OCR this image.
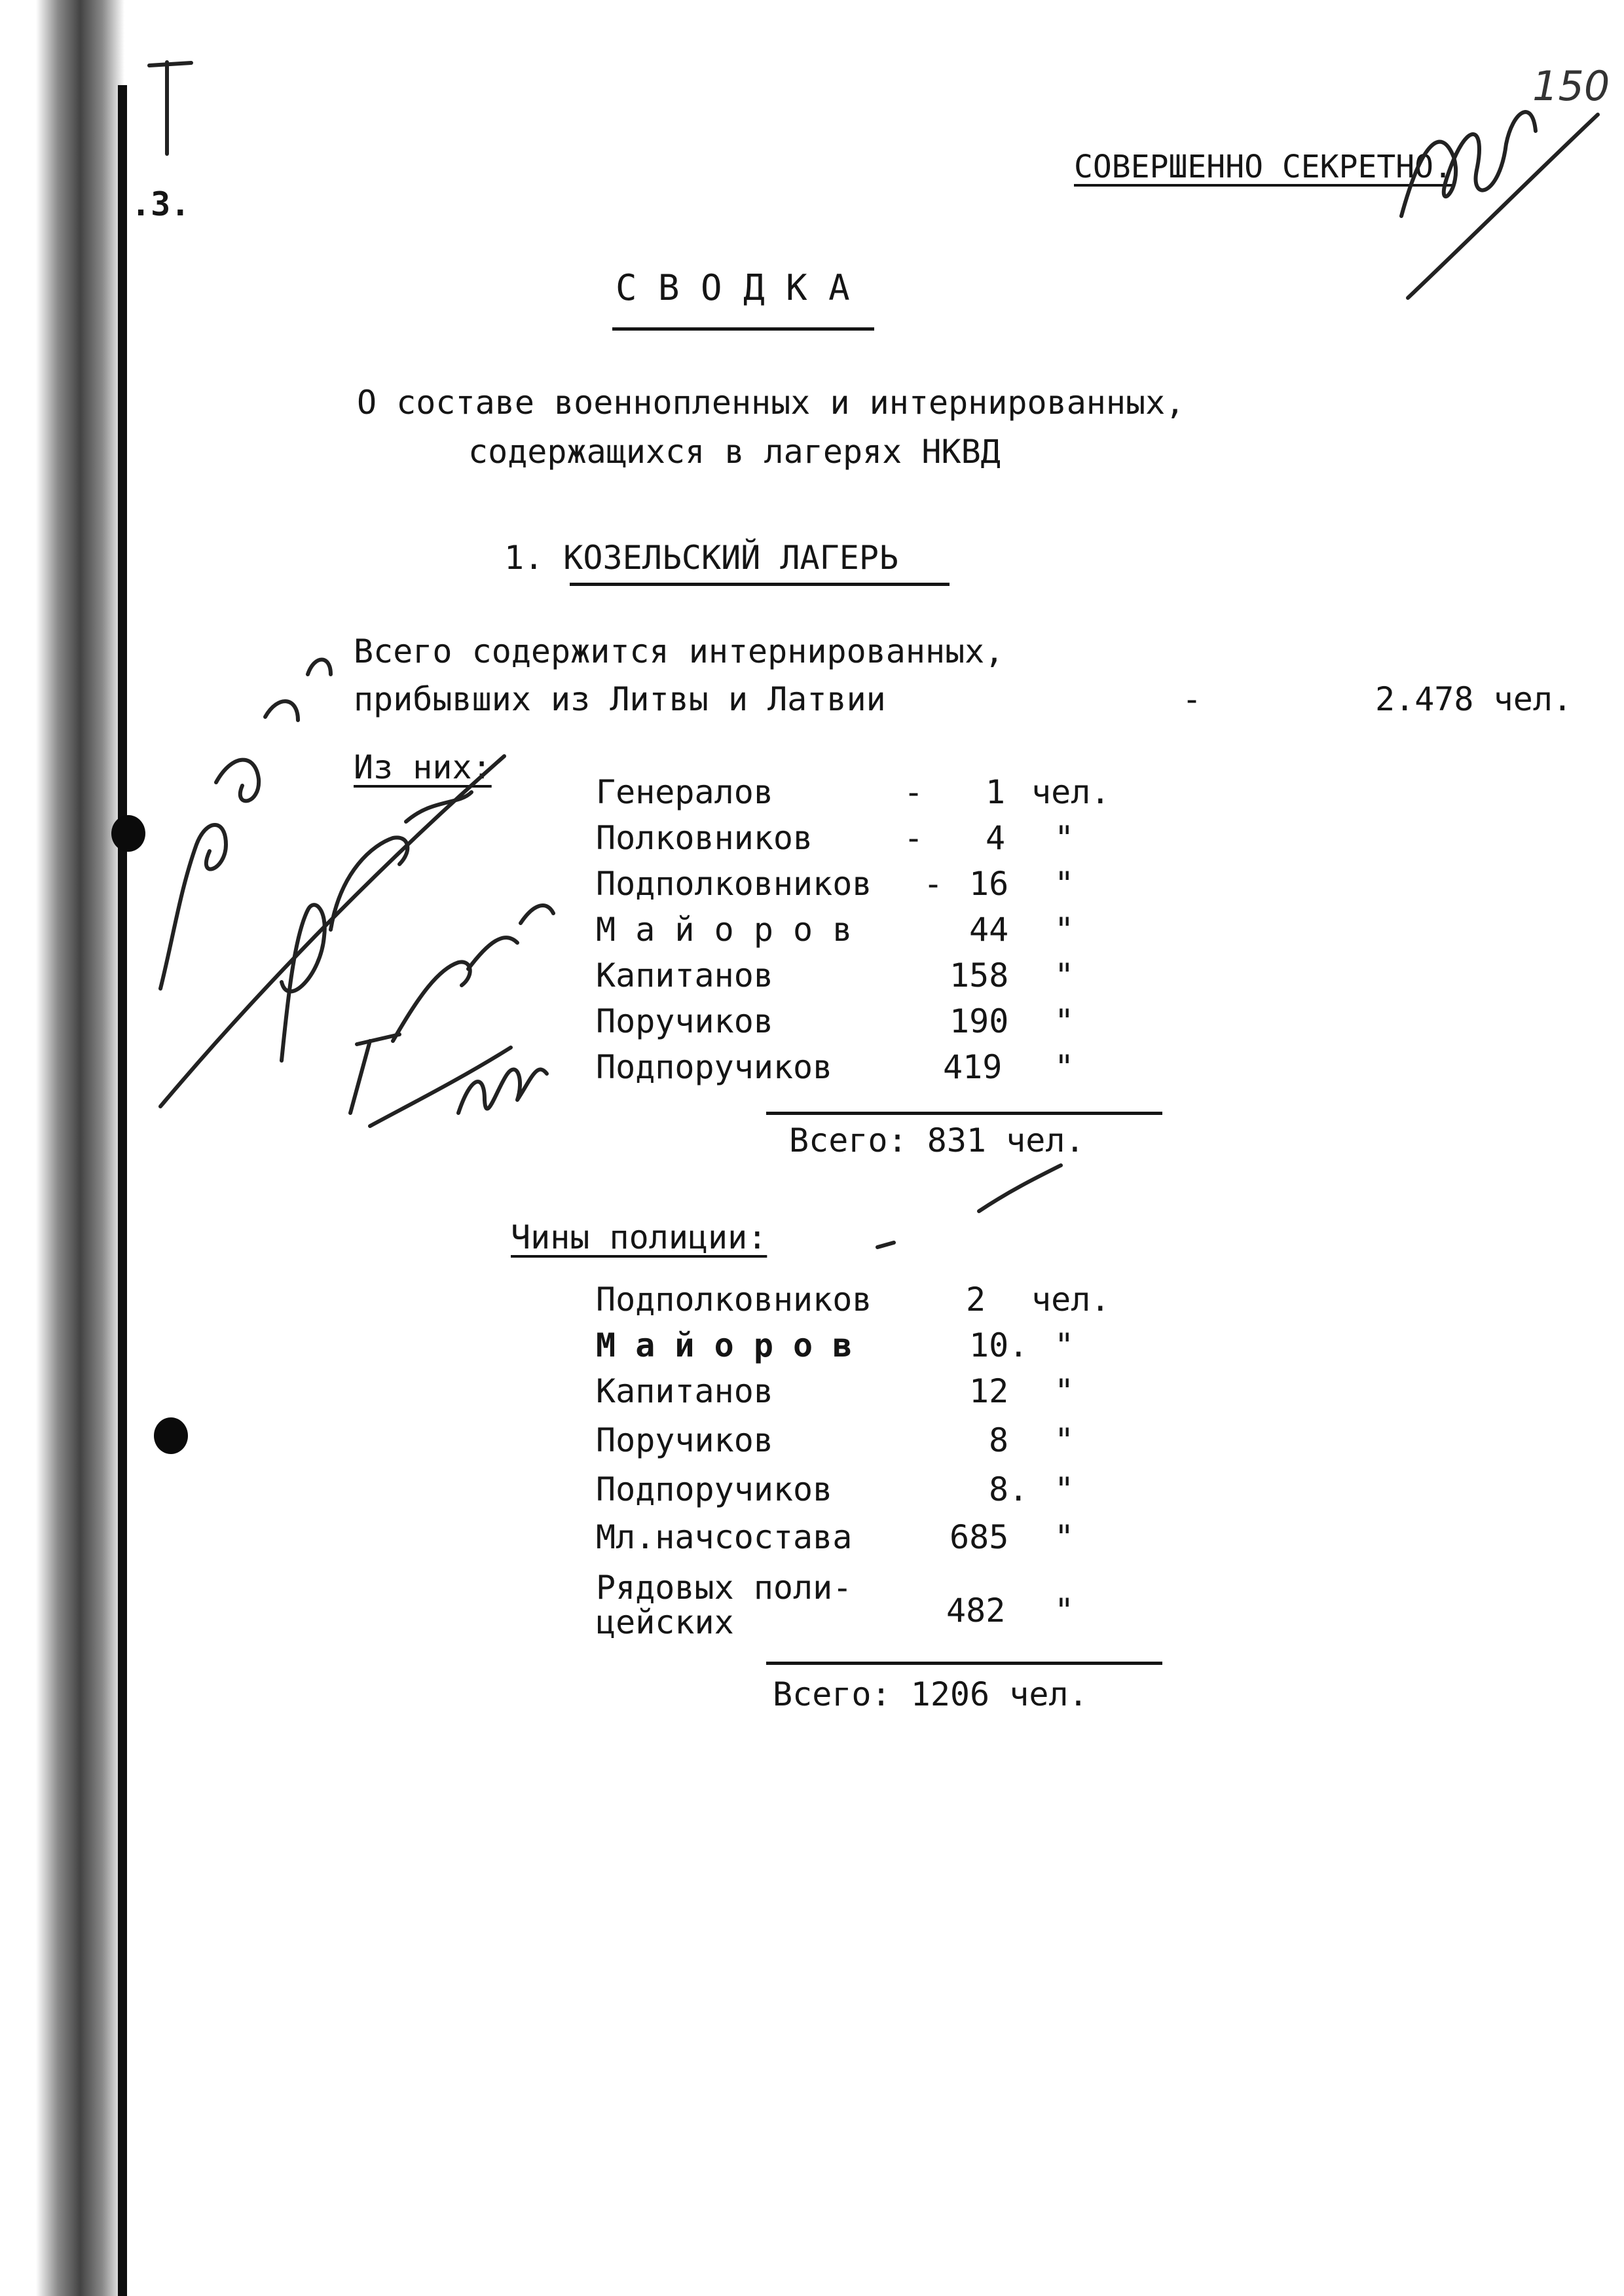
.3.
СОВЕРШЕННО СЕКРЕТНО.
150
С В О Д К А
О составе военнопленных и интернированных,
содержащихся в лагерях НКВД
1. КОЗЕЛЬСКИЙ ЛАГЕРЬ
Всего содержится интернированных,
прибывших из Литвы и Латвии	-	2.478 чел.
Из них:
Генералов	- 1 чел.
Полковников	- 4 "
Подполковников - 16 "
М а й о р о в	44 "
Капитанов	158 "
Поручиков	190 "
Подпоручиков	419 "
Всего: 831 чел.
Чины полиции:
Подполковников	2 чел.
М а й о р о в	10. "
Капитанов	12 "
Поручиков	8 "
Подпоручиков	8. "
Мл.начсостава	685 "
Рядовых поли-
цейских	482 "
Всего: 1206 чел.
